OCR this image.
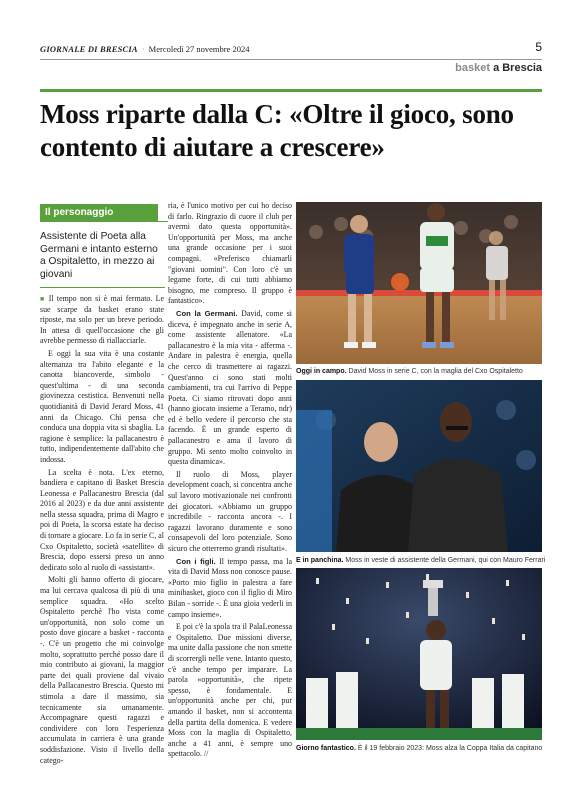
GIORNALE DI BRESCIA · Mercoledì 27 novembre 2024	5
basket a Brescia
Moss riparte dalla C: «Oltre il gioco, sono contento di aiutare a crescere»
Il personaggio
Assistente di Poeta alla Germani e intanto esterno a Ospitaletto, in mezzo ai giovani

■ Il tempo non si è mai fermato. Le sue scarpe da basket erano state riposte, ma solo per un breve periodo. In attesa di quell'occasione che gli avrebbe permesso di riallacciarle.

E oggi la sua vita è una costante alternanza tra l'abito elegante e la canotta biancoverde, simbolo - quest'ultima - di una seconda giovinezza cestistica. Benvenuti nella quotidianità di David Jerard Moss, 41 anni da Chicago. Chi pensa che conduca una doppia vita si sbaglia. La ragione è semplice: la pallacanestro è tutto, indipendentemente dall'abito che indossa.

La scelta è nota. L'ex eterno, bandiera e capitano di Basket Brescia Leonessa e Pallacanestro Brescia (dal 2016 al 2023) e da due anni assistente nella stessa squadra, prima di Magro e poi di Poeta, la scorsa estate ha deciso di tornare a giocare. Lo fa in serie C, al Cxo Ospitaletto, società «satellite» di Brescia, dopo essersi preso un anno dedicato solo al ruolo di «assistant».

Molti gli hanno offerto di giocare, ma lui cercava qualcosa di più di una semplice squadra. «Ho scelto Ospitaletto perché l'ho vista come un'opportunità, non solo come un posto dove giocare a basket - racconta -. C'è un progetto che mi coinvolge molto, soprattutto perché posso dare il mio contributo ai giovani, la maggior parte dei quali proviene dal vivaio della Pallacanestro Brescia. Questo mi stimola a dare il massimo, sia tecnicamente sia umanamente. Accompagnare questi ragazzi e condividere con loro l'esperienza accumulata in carriera è una grande soddisfazione. Visto il livello della catego-

ria, è l'unico motivo per cui ho deciso di farlo. Ringrazio di cuore il club per avermi dato questa opportunità». Un'opportunità per Moss, ma anche una grande occasione per i suoi compagni. «Preferisco chiamarli "giovani uomini". Con loro c'è un legame forte, di cui tutti abbiamo bisogno, me compreso. Il gruppo è fantastico».

Con la Germani. David, come si diceva, è impegnato anche in serie A, come assistente allenatore. «La pallacanestro è la mia vita - afferma -. Andare in palestra è energia, quella che cerco di trasmettere ai ragazzi. Quest'anno ci sono stati molti cambiamenti, tra cui l'arrivo di Peppe Poeta. Ci siamo ritrovati dopo anni (hanno giocato insieme a Teramo, ndr) ed è bello vedere il percorso che sta facendo. È un grande esperto di pallacanestro e ama il lavoro di gruppo. Mi sento molto coinvolto in questa dinamica».

Il ruolo di Moss, player development coach, si concentra anche sul lavoro motivazionale nei confronti dei giocatori. «Abbiamo un gruppo incredibile - racconta ancora -. I ragazzi lavorano duramente e sono consapevoli del loro potenziale. Sono sicuro che otterremo grandi risultati».

Con i figli. Il tempo passa, ma la vita di David Moss non conosce pause. «Porto mio figlio in palestra a fare minibasket, gioco con il figlio di Miro Bilan - sorride -. È una gioia vederli in campo insieme».

E poi c'è la spola tra il PalaLeonessa e Ospitaletto. Due missioni diverse, ma unite dalla passione che non smette di scorrergli nelle vene. Intanto questo, c'è anche tempo per imparare. La parola «opportunità», che ripete spesso, è fondamentale. E un'opportunità anche per chi, pur amando il basket, non si accontenta della partita della domenica. E vedere Moss con la maglia di Ospitaletto, anche a 41 anni, è sempre uno spettacolo. //

Oggi in campo. David Moss in serie C, con la maglia del Cxo Ospitaletto
E in panchina. Moss in veste di assistente della Germani, qui con Mauro Ferrari
Giorno fantastico. È il 19 febbraio 2023: Moss alza la Coppa Italia da capitano
